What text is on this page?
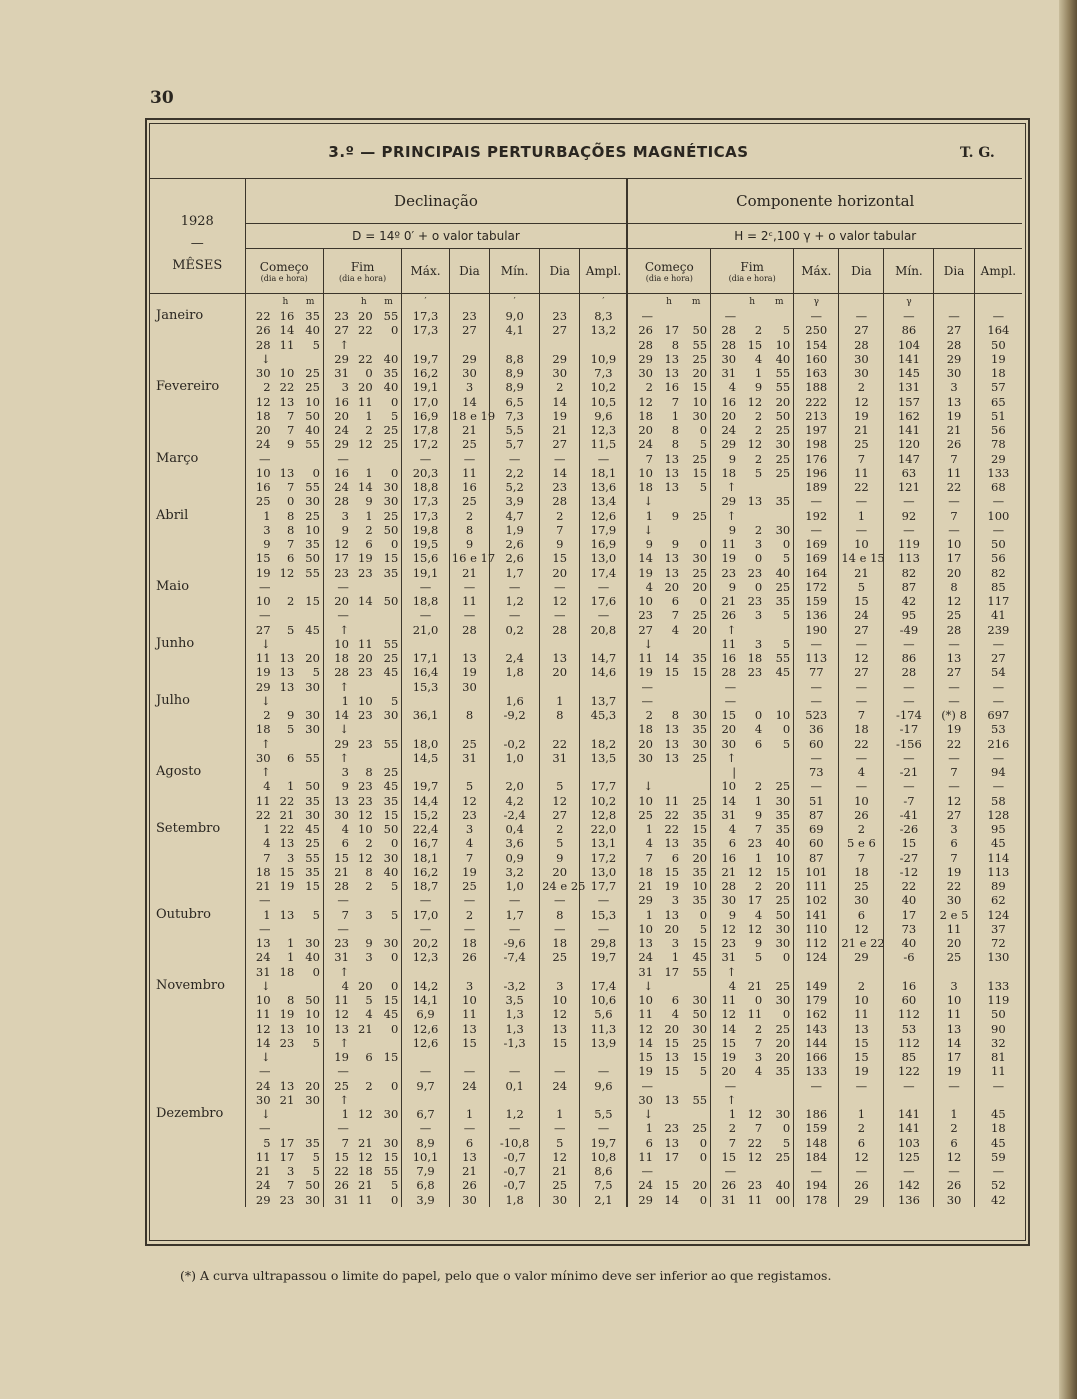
30
3.º — PRINCIPAIS PERTURBAÇÕES MAGNÉTICAS	T. G.
1928
—
MÊSES	Declinação											Componente horizontal										
	D = 14º 0′ + o valor tabular											H = 2ᶜ,100 γ + o valor tabular										
	Começo
(dia e hora)			Fim
(dia e hora)			Máx.	Dia	Mín.	Dia	Ampl.	Começo
(dia e hora)			Fim
(dia e hora)			Máx.	Dia	Mín.	Dia	Ampl.
		h	m		h	m	′		′		′		h	m		h	m	γ		γ		
Janeiro	22	16	35	23	20	55	17,3	23	9,0	23	8,3	—			—			—	—	—	—	—
	26	14	40	27	22	0	17,3	27	4,1	27	13,2	26	17	50	28	2	5	250	27	86	27	164
	28	11	5	↑								28	8	55	28	15	10	154	28	104	28	50
	↓			29	22	40	19,7	29	8,8	29	10,9	29	13	25	30	4	40	160	30	141	29	19
	30	10	25	31	0	35	16,2	30	8,9	30	7,3	30	13	20	31	1	55	163	30	145	30	18
Fevereiro	2	22	25	3	20	40	19,1	3	8,9	2	10,2	2	16	15	4	9	55	188	2	131	3	57
	12	13	10	16	11	0	17,0	14	6,5	14	10,5	12	7	10	16	12	20	222	12	157	13	65
	18	7	50	20	1	5	16,9	18 e 19	7,3	19	9,6	18	1	30	20	2	50	213	19	162	19	51
	20	7	40	24	2	25	17,8	21	5,5	21	12,3	20	8	0	24	2	25	197	21	141	21	56
	24	9	55	29	12	25	17,2	25	5,7	27	11,5	24	8	5	29	12	30	198	25	120	26	78
Março	—			—			—	—	—	—	—	7	13	25	9	2	25	176	7	147	7	29
	10	13	0	16	1	0	20,3	11	2,2	14	18,1	10	13	15	18	5	25	196	11	63	11	133
	16	7	55	24	14	30	18,8	16	5,2	23	13,6	18	13	5	↑			189	22	121	22	68
	25	0	30	28	9	30	17,3	25	3,9	28	13,4	↓			29	13	35	—	—	—	—	—
Abril	1	8	25	3	1	25	17,3	2	4,7	2	12,6	1	9	25	↑			192	1	92	7	100
	3	8	10	9	2	50	19,8	8	1,9	7	17,9	↓			9	2	30	—	—	—	—	—
	9	7	35	12	6	0	19,5	9	2,6	9	16,9	9	9	0	11	3	0	169	10	119	10	50
	15	6	50	17	19	15	15,6	16 e 17	2,6	15	13,0	14	13	30	19	0	5	169	14 e 15	113	17	56
	19	12	55	23	23	35	19,1	21	1,7	20	17,4	19	13	25	23	23	40	164	21	82	20	82
Maio	—			—			—	—	—	—	—	4	20	20	9	0	25	172	5	87	8	85
	10	2	15	20	14	50	18,8	11	1,2	12	17,6	10	6	0	21	23	35	159	15	42	12	117
	—			—			—	—	—	—	—	23	7	25	26	3	5	136	24	95	25	41
	27	5	45	↑			21,0	28	0,2	28	20,8	27	4	20	↑			190	27	-49	28	239
Junho	↓			10	11	55						↓			11	3	5	—	—	—	—	—
	11	13	20	18	20	25	17,1	13	2,4	13	14,7	11	14	35	16	18	55	113	12	86	13	27
	19	13	5	28	23	45	16,4	19	1,8	20	14,6	19	15	15	28	23	45	77	27	28	27	54
	29	13	30	↑			15,3	30				—			—			—	—	—	—	—
Julho	↓			1	10	5			1,6	1	13,7	—			—			—	—	—	—	—
	2	9	30	14	23	30	36,1	8	-9,2	8	45,3	2	8	30	15	0	10	523	7	-174	(*) 8	697
	18	5	30	↓								18	13	35	20	4	0	36	18	-17	19	53
	↑			29	23	55	18,0	25	-0,2	22	18,2	20	13	30	30	6	5	60	22	-156	22	216
	30	6	55	↑			14,5	31	1,0	31	13,5	30	13	25	↑			—	—	—	—	—
Agosto	↑			3	8	25									|			73	4	-21	7	94
	4	1	50	9	23	45	19,7	5	2,0	5	17,7	↓			10	2	25	—	—	—	—	—
	11	22	35	13	23	35	14,4	12	4,2	12	10,2	10	11	25	14	1	30	51	10	-7	12	58
	22	21	30	30	12	15	15,2	23	-2,4	27	12,8	25	22	35	31	9	35	87	26	-41	27	128
Setembro	1	22	45	4	10	50	22,4	3	0,4	2	22,0	1	22	15	4	7	35	69	2	-26	3	95
	4	13	25	6	2	0	16,7	4	3,6	5	13,1	4	13	35	6	23	40	60	5 e 6	15	6	45
	7	3	55	15	12	30	18,1	7	0,9	9	17,2	7	6	20	16	1	10	87	7	-27	7	114
	18	15	35	21	8	40	16,2	19	3,2	20	13,0	18	15	35	21	12	15	101	18	-12	19	113
	21	19	15	28	2	5	18,7	25	1,0	24 e 25	17,7	21	19	10	28	2	20	111	25	22	22	89
	—			—			—	—	—	—	—	29	3	35	30	17	25	102	30	40	30	62
Outubro	1	13	5	7	3	5	17,0	2	1,7	8	15,3	1	13	0	9	4	50	141	6	17	2 e 5	124
	—			—			—	—	—	—	—	10	20	5	12	12	30	110	12	73	11	37
	13	1	30	23	9	30	20,2	18	-9,6	18	29,8	13	3	15	23	9	30	112	21 e 22	40	20	72
	24	1	40	31	3	0	12,3	26	-7,4	25	19,7	24	1	45	31	5	0	124	29	-6	25	130
	31	18	0	↑								31	17	55	↑							
Novembro	↓			4	20	0	14,2	3	-3,2	3	17,4	↓			4	21	25	149	2	16	3	133
	10	8	50	11	5	15	14,1	10	3,5	10	10,6	10	6	30	11	0	30	179	10	60	10	119
	11	19	10	12	4	45	6,9	11	1,3	12	5,6	11	4	50	12	11	0	162	11	112	11	50
	12	13	10	13	21	0	12,6	13	1,3	13	11,3	12	20	30	14	2	25	143	13	53	13	90
	14	23	5	↑			12,6	15	-1,3	15	13,9	14	15	25	15	7	20	144	15	112	14	32
	↓			19	6	15						15	13	15	19	3	20	166	15	85	17	81
	—			—			—	—	—	—	—	19	15	5	20	4	35	133	19	122	19	11
	24	13	20	25	2	0	9,7	24	0,1	24	9,6	—			—			—	—	—	—	—
	30	21	30	↑								30	13	55	↑							
Dezembro	↓			1	12	30	6,7	1	1,2	1	5,5	↓			1	12	30	186	1	141	1	45
	—			—			—	—	—	—	—	1	23	25	2	7	0	159	2	141	2	18
	5	17	35	7	21	30	8,9	6	-10,8	5	19,7	6	13	0	7	22	5	148	6	103	6	45
	11	17	5	15	12	15	10,1	13	-0,7	12	10,8	11	17	0	15	12	25	184	12	125	12	59
	21	3	5	22	18	55	7,9	21	-0,7	21	8,6	—			—			—	—	—	—	—
	24	7	50	26	21	5	6,8	26	-0,7	25	7,5	24	15	20	26	23	40	194	26	142	26	52
	29	23	30	31	11	0	3,9	30	1,8	30	2,1	29	14	0	31	11	00	178	29	136	30	42
(*) A curva ultrapassou o limite do papel, pelo que o valor mínimo deve ser inferior ao que registamos.
